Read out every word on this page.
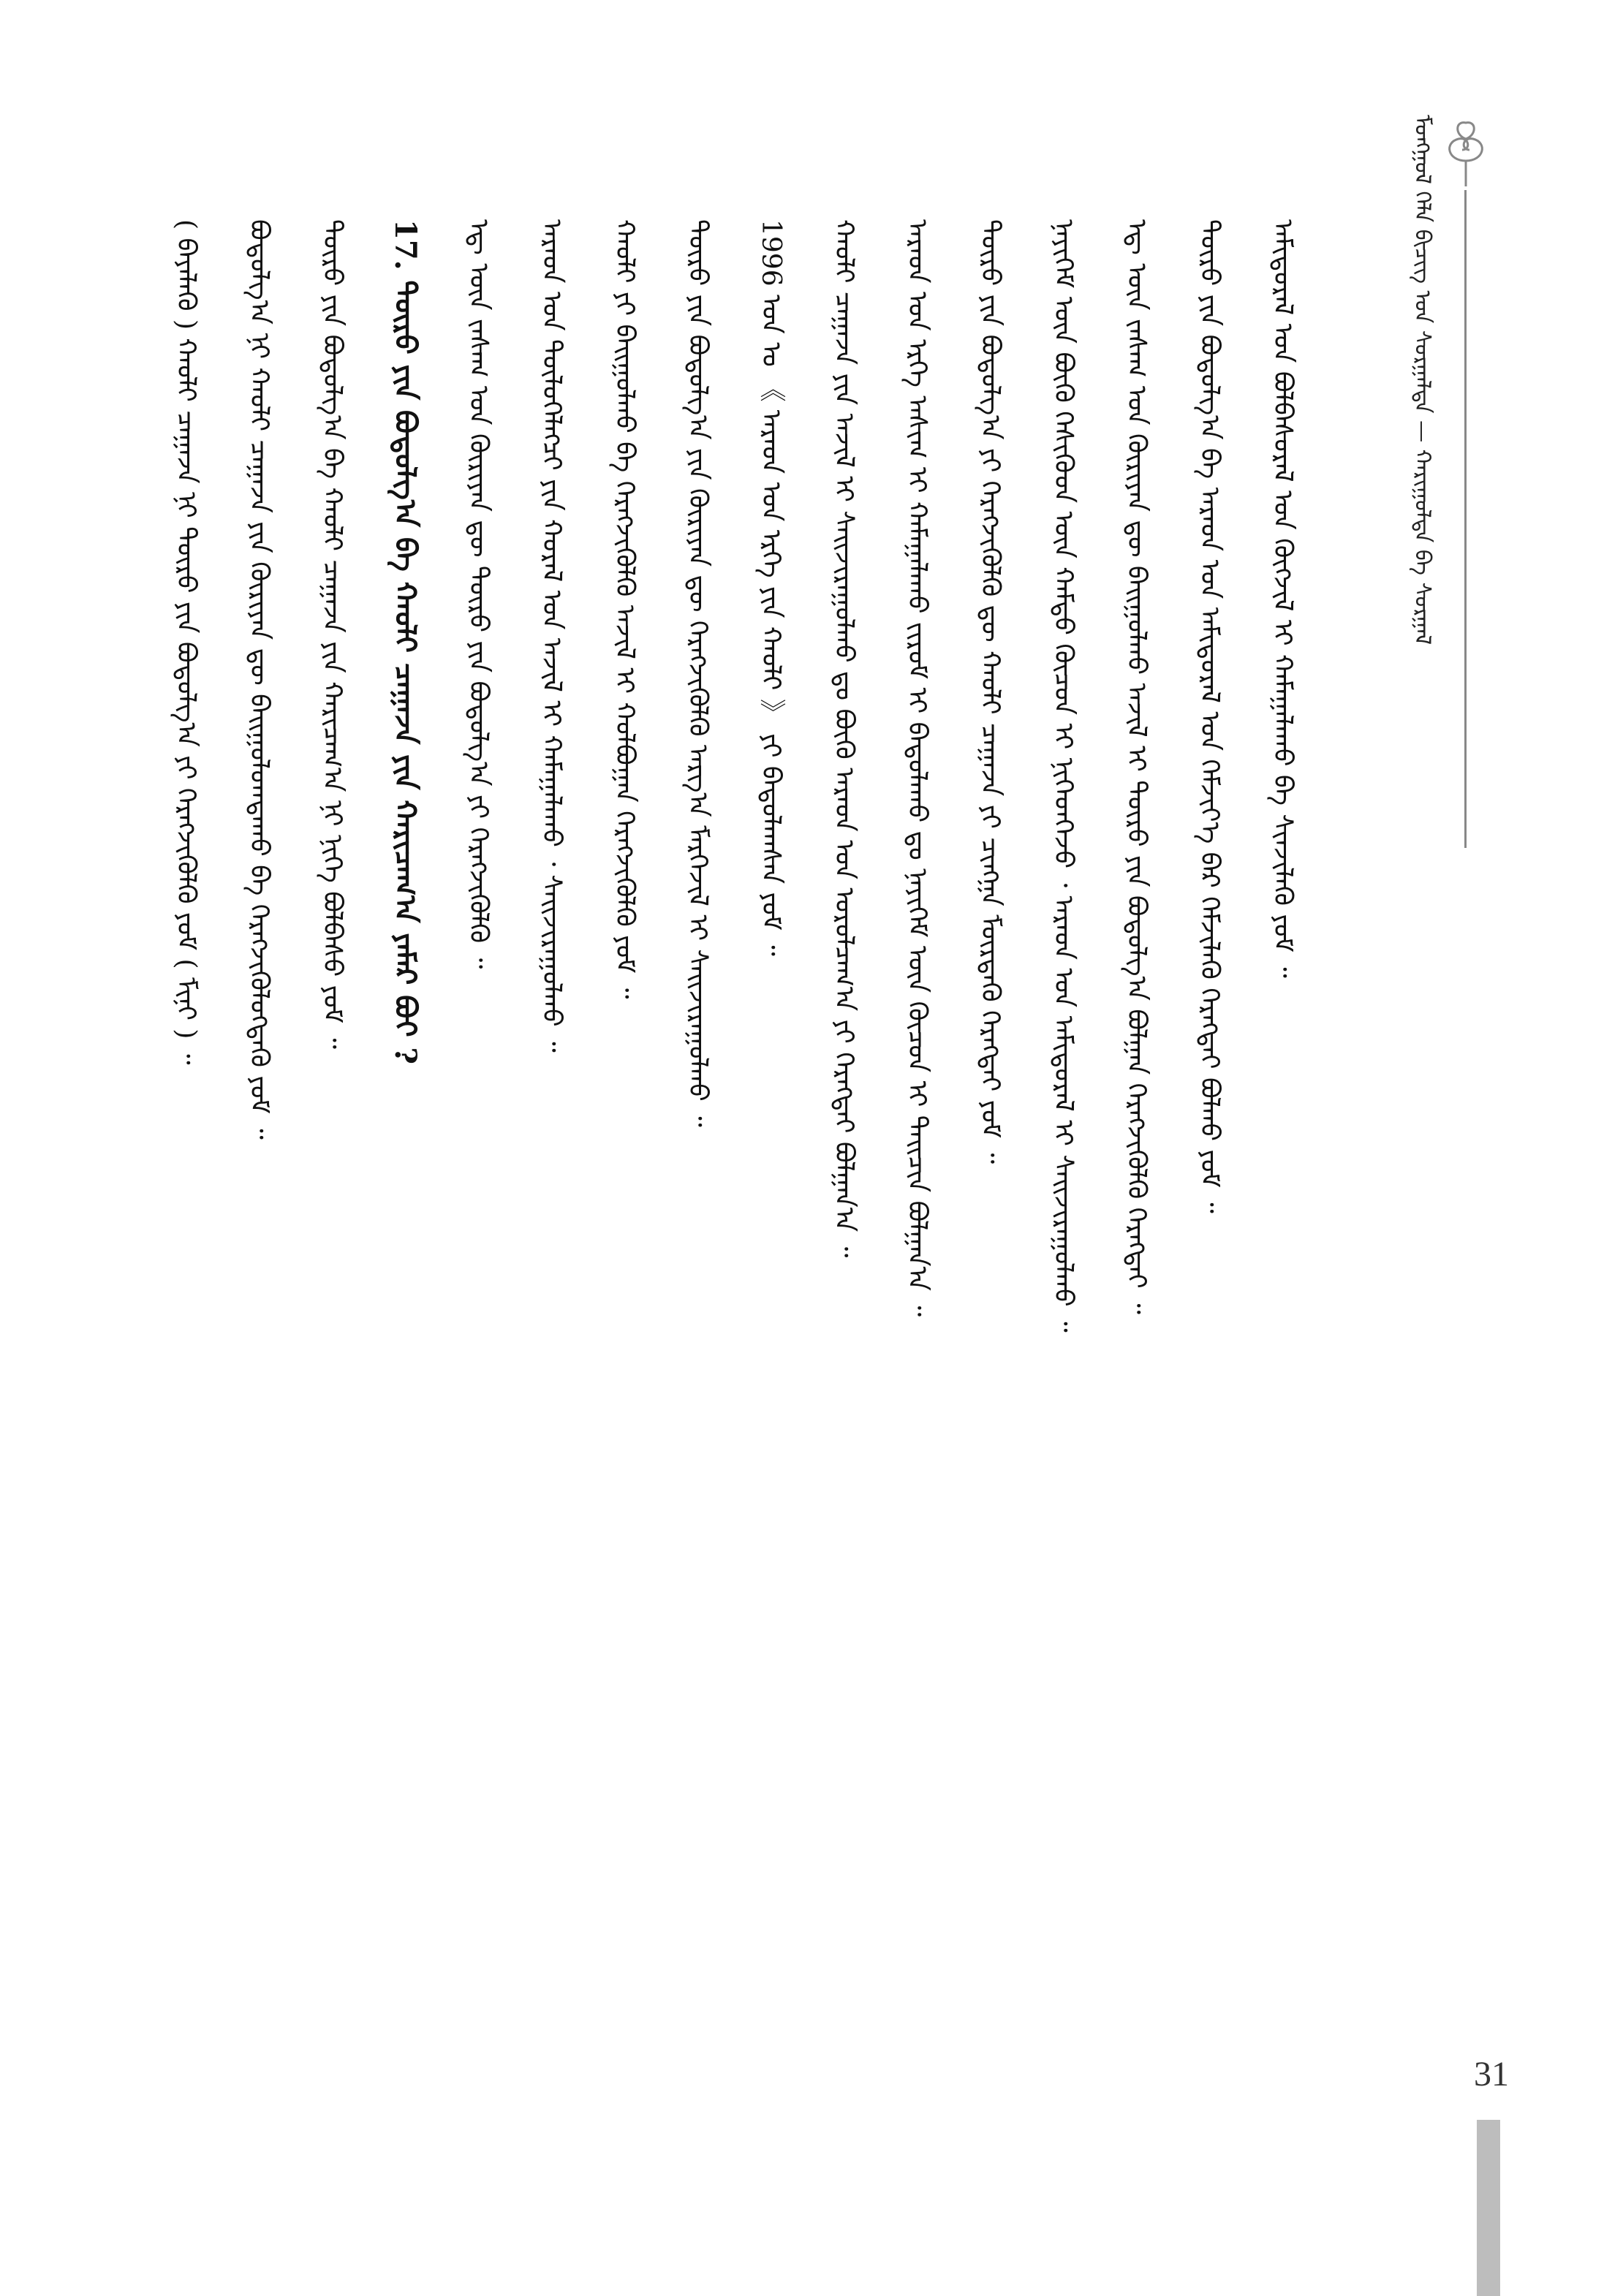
ᠮᠣᠩᠭᠣᠯ ᠬᠡᠯᠡ ᠪᠢᠴᠢᠭ ᠤᠨ ᠰᠤᠷᠭᠠᠯᠲᠠ — ᠬᠠᠷᠢᠭᠤᠯᠲᠠ ᠪᠠ ᠰᠤᠷᠭᠠᠯ
ᠠᠮᠢᠳᠤᠷᠠᠯ ᠤᠨ ᠪᠣᠯᠪᠠᠰᠤᠷᠠᠯ ᠤᠨ ᠬᠦᠭᠵᠢᠯ ᠢ ᠬᠠᠮᠠᠭᠠᠯᠠᠬᠤ ᠪᠠ ᠰᠢᠨᠵᠢᠯᠡᠬᠦ ᠶᠤᠮ ᠃
ᠲᠥᠷᠥ ᠶᠢᠨ ᠪᠣᠳᠣᠯᠭ᠎ᠠ ᠪᠠ ᠠᠷᠠᠳ ᠤᠨ ᠠᠮᠢᠳᠤᠷᠠᠯ ᠤᠨ ᠬᠡᠮᠵᠢᠶ᠎ᠡ ᠪᠡᠷ ᠬᠡᠮᠵᠢᠯᠡᠬᠦ ᠬᠡᠷᠡᠭᠲᠡᠢ ᠪᠣᠯᠬᠤ ᠶᠤᠮ ᠃
ᠡᠳ᠋ ᠦᠨ ᠵᠠᠰᠠᠭ ᠤᠨ ᠬᠦᠷᠢᠶᠡᠨ ᠳᠦ ᠪᠠᠢᠭᠤᠯᠬᠤ ᠠᠵᠢᠯ ᠢ ᠲᠥᠷᠥ ᠶᠢᠨ ᠪᠣᠳᠣᠯᠭ᠎ᠠ ᠪᠣᠯᠭᠠᠨ ᠬᠡᠷᠡᠭᠵᠢᠭᠦᠯᠬᠦ ᠬᠡᠷᠡᠭᠲᠡᠢ ᠃
ᠨᠡᠶᠢᠭᠡᠮ ᠦᠨ ᠪᠦᠬᠦ ᠭᠡᠰᠢᠭᠦᠳ ᠦᠨ ᠬᠠᠮᠲᠤ ᠬᠦᠴᠦᠨ ᠢ ᠨᠢᠭᠡᠳᠭᠡᠵᠦ ᠂ ᠠᠷᠠᠳ ᠤᠨ ᠠᠮᠢᠳᠤᠷᠠᠯ ᠢ ᠰᠠᠢᠵᠢᠷᠠᠭᠤᠯᠬᠤ ᠃
ᠲᠥᠷᠥ ᠶᠢᠨ ᠪᠣᠳᠣᠯᠭ᠎ᠠ ᠶᠢ ᠬᠡᠷᠡᠭᠵᠢᠭᠦᠯᠬᠦ ᠳᠦ ᠬᠠᠤᠯᠢ ᠴᠠᠭᠠᠵᠠ ᠶᠢ ᠴᠢᠩᠭᠠ ᠮᠦᠷᠳᠡᠬᠦ ᠬᠡᠷᠡᠭᠲᠡᠢ ᠶᠤᠮ ᠃
ᠠᠷᠠᠳ ᠤᠨ ᠡᠷᠬᠡ ᠠᠰᠢᠭ ᠢ ᠬᠠᠮᠠᠭᠠᠯᠠᠬᠤ ᠵᠢᠷᠤᠮ ᠢ ᠪᠠᠲᠤᠯᠠᠬᠤ ᠳᠤ ᠨᠡᠶᠢᠭᠡᠮ ᠦᠨ ᠬᠦᠴᠦᠨ ᠢ ᠳᠠᠢᠴᠢᠨ ᠪᠣᠯᠭᠠᠨ᠎ᠠ ᠃
ᠬᠠᠤᠯᠢ ᠴᠠᠭᠠᠵᠠ ᠶᠢᠨ ᠠᠵᠢᠯ ᠢ ᠰᠠᠢᠵᠢᠷᠠᠭᠤᠯᠬᠤ ᠳᠤ ᠪᠦᠬᠦ ᠠᠷᠠᠳ ᠤᠨ ᠣᠷᠤᠯᠴᠠᠭ᠎ᠠ ᠶᠢ ᠬᠡᠷᠡᠭᠲᠡᠢ ᠪᠣᠯᠭᠠᠨ᠎ᠠ ᠃
1996 ᠣᠨ ᠤ 《 ᠠᠷᠠᠳ ᠤᠨ ᠡᠷᠬᠡ ᠶᠢᠨ ᠬᠠᠤᠯᠢ 》 ᠶᠢ ᠪᠠᠲᠤᠯᠠᠭᠰᠠᠨ ᠶᠤᠮ ᠃
ᠲᠥᠷᠥ ᠶᠢᠨ ᠪᠣᠳᠣᠯᠭ᠎ᠠ ᠶᠢᠨ ᠬᠦᠷᠢᠶᠡᠨ ᠳᠦ ᠬᠡᠷᠡᠭᠵᠢᠭᠦᠯᠬᠦ ᠠᠷᠭ᠎ᠠ ᠮᠡᠷᠭᠡᠵᠢᠯ ᠢ ᠰᠠᠢᠵᠢᠷᠠᠭᠤᠯᠬᠤ ᠃
ᠬᠠᠤᠯᠢ ᠶᠢ ᠪᠠᠢᠭᠤᠯᠬᠤ ᠪᠠ ᠬᠡᠷᠡᠭᠵᠢᠭᠦᠯᠬᠦ ᠠᠵᠢᠯ ᠢ ᠬᠣᠯᠪᠣᠭᠠᠨ ᠬᠡᠷᠡᠭᠵᠢᠭᠦᠯᠬᠦ ᠶᠤᠮ ᠃
ᠠᠷᠠᠳ ᠤᠨ ᠲᠥᠯᠥᠭᠡᠯᠡᠭᠴᠢ ᠶᠢᠨ ᠬᠤᠷᠠᠯ ᠤᠨ ᠠᠵᠢᠯ ᠢ ᠬᠠᠮᠠᠭᠠᠯᠠᠬᠤ ᠂ ᠰᠠᠢᠵᠢᠷᠠᠭᠤᠯᠬᠤ ᠃
ᠡᠳ᠋ ᠦᠨ ᠵᠠᠰᠠᠭ ᠤᠨ ᠬᠦᠷᠢᠶᠡᠨ ᠳᠦ ᠲᠥᠷᠥ ᠶᠢᠨ ᠪᠣᠳᠣᠯᠭ᠎ᠠ ᠶᠢ ᠬᠡᠷᠡᠭᠵᠢᠭᠦᠯᠬᠦ ᠃
17. ᠲᠥᠷᠥ ᠶᠢᠨ ᠪᠣᠳᠣᠯᠭ᠎ᠠ ᠪᠠ ᠬᠠᠤᠯᠢ ᠴᠠᠭᠠᠵᠠ ᠶᠢᠨ ᠬᠠᠷᠢᠴᠠᠭ᠎ᠠ ᠶᠠᠮᠠᠷ ᠪᠤᠢ ?
ᠲᠥᠷᠥ ᠶᠢᠨ ᠪᠣᠳᠣᠯᠭ᠎ᠠ ᠪᠠ ᠬᠠᠤᠯᠢ ᠴᠠᠭᠠᠵᠠ ᠶᠢᠨ ᠬᠠᠷᠢᠴᠠᠭ᠎ᠠ ᠨᠢ ᠨᠢᠭᠡ ᠪᠣᠯᠪᠠᠰᠤ ᠶᠤᠮ ᠃
ᠪᠣᠳᠣᠯᠭ᠎ᠠ ᠨᠢ ᠬᠠᠤᠯᠢ ᠴᠠᠭᠠᠵᠠ ᠶᠢᠨ ᠬᠦᠷᠢᠶᠡᠨ ᠳᠦ ᠪᠠᠢᠭᠤᠯᠤᠭᠳᠠᠬᠤ ᠪᠠ ᠬᠡᠷᠡᠭᠵᠢᠭᠦᠯᠦᠭᠳᠡᠬᠦ ᠶᠤᠮ ᠃
( ᠪᠡᠶᠡᠯᠡᠬᠦ ) ᠬᠠᠤᠯᠢ ᠴᠠᠭᠠᠵᠠ ᠨᠢ ᠲᠥᠷᠥ ᠶᠢᠨ ᠪᠣᠳᠣᠯᠭ᠎ᠠ ᠶᠢ ᠬᠡᠷᠡᠭᠵᠢᠭᠦᠯᠬᠦ ᠶᠤᠮ ( ᠮᠢᠨᠢ ) ᠃
31
